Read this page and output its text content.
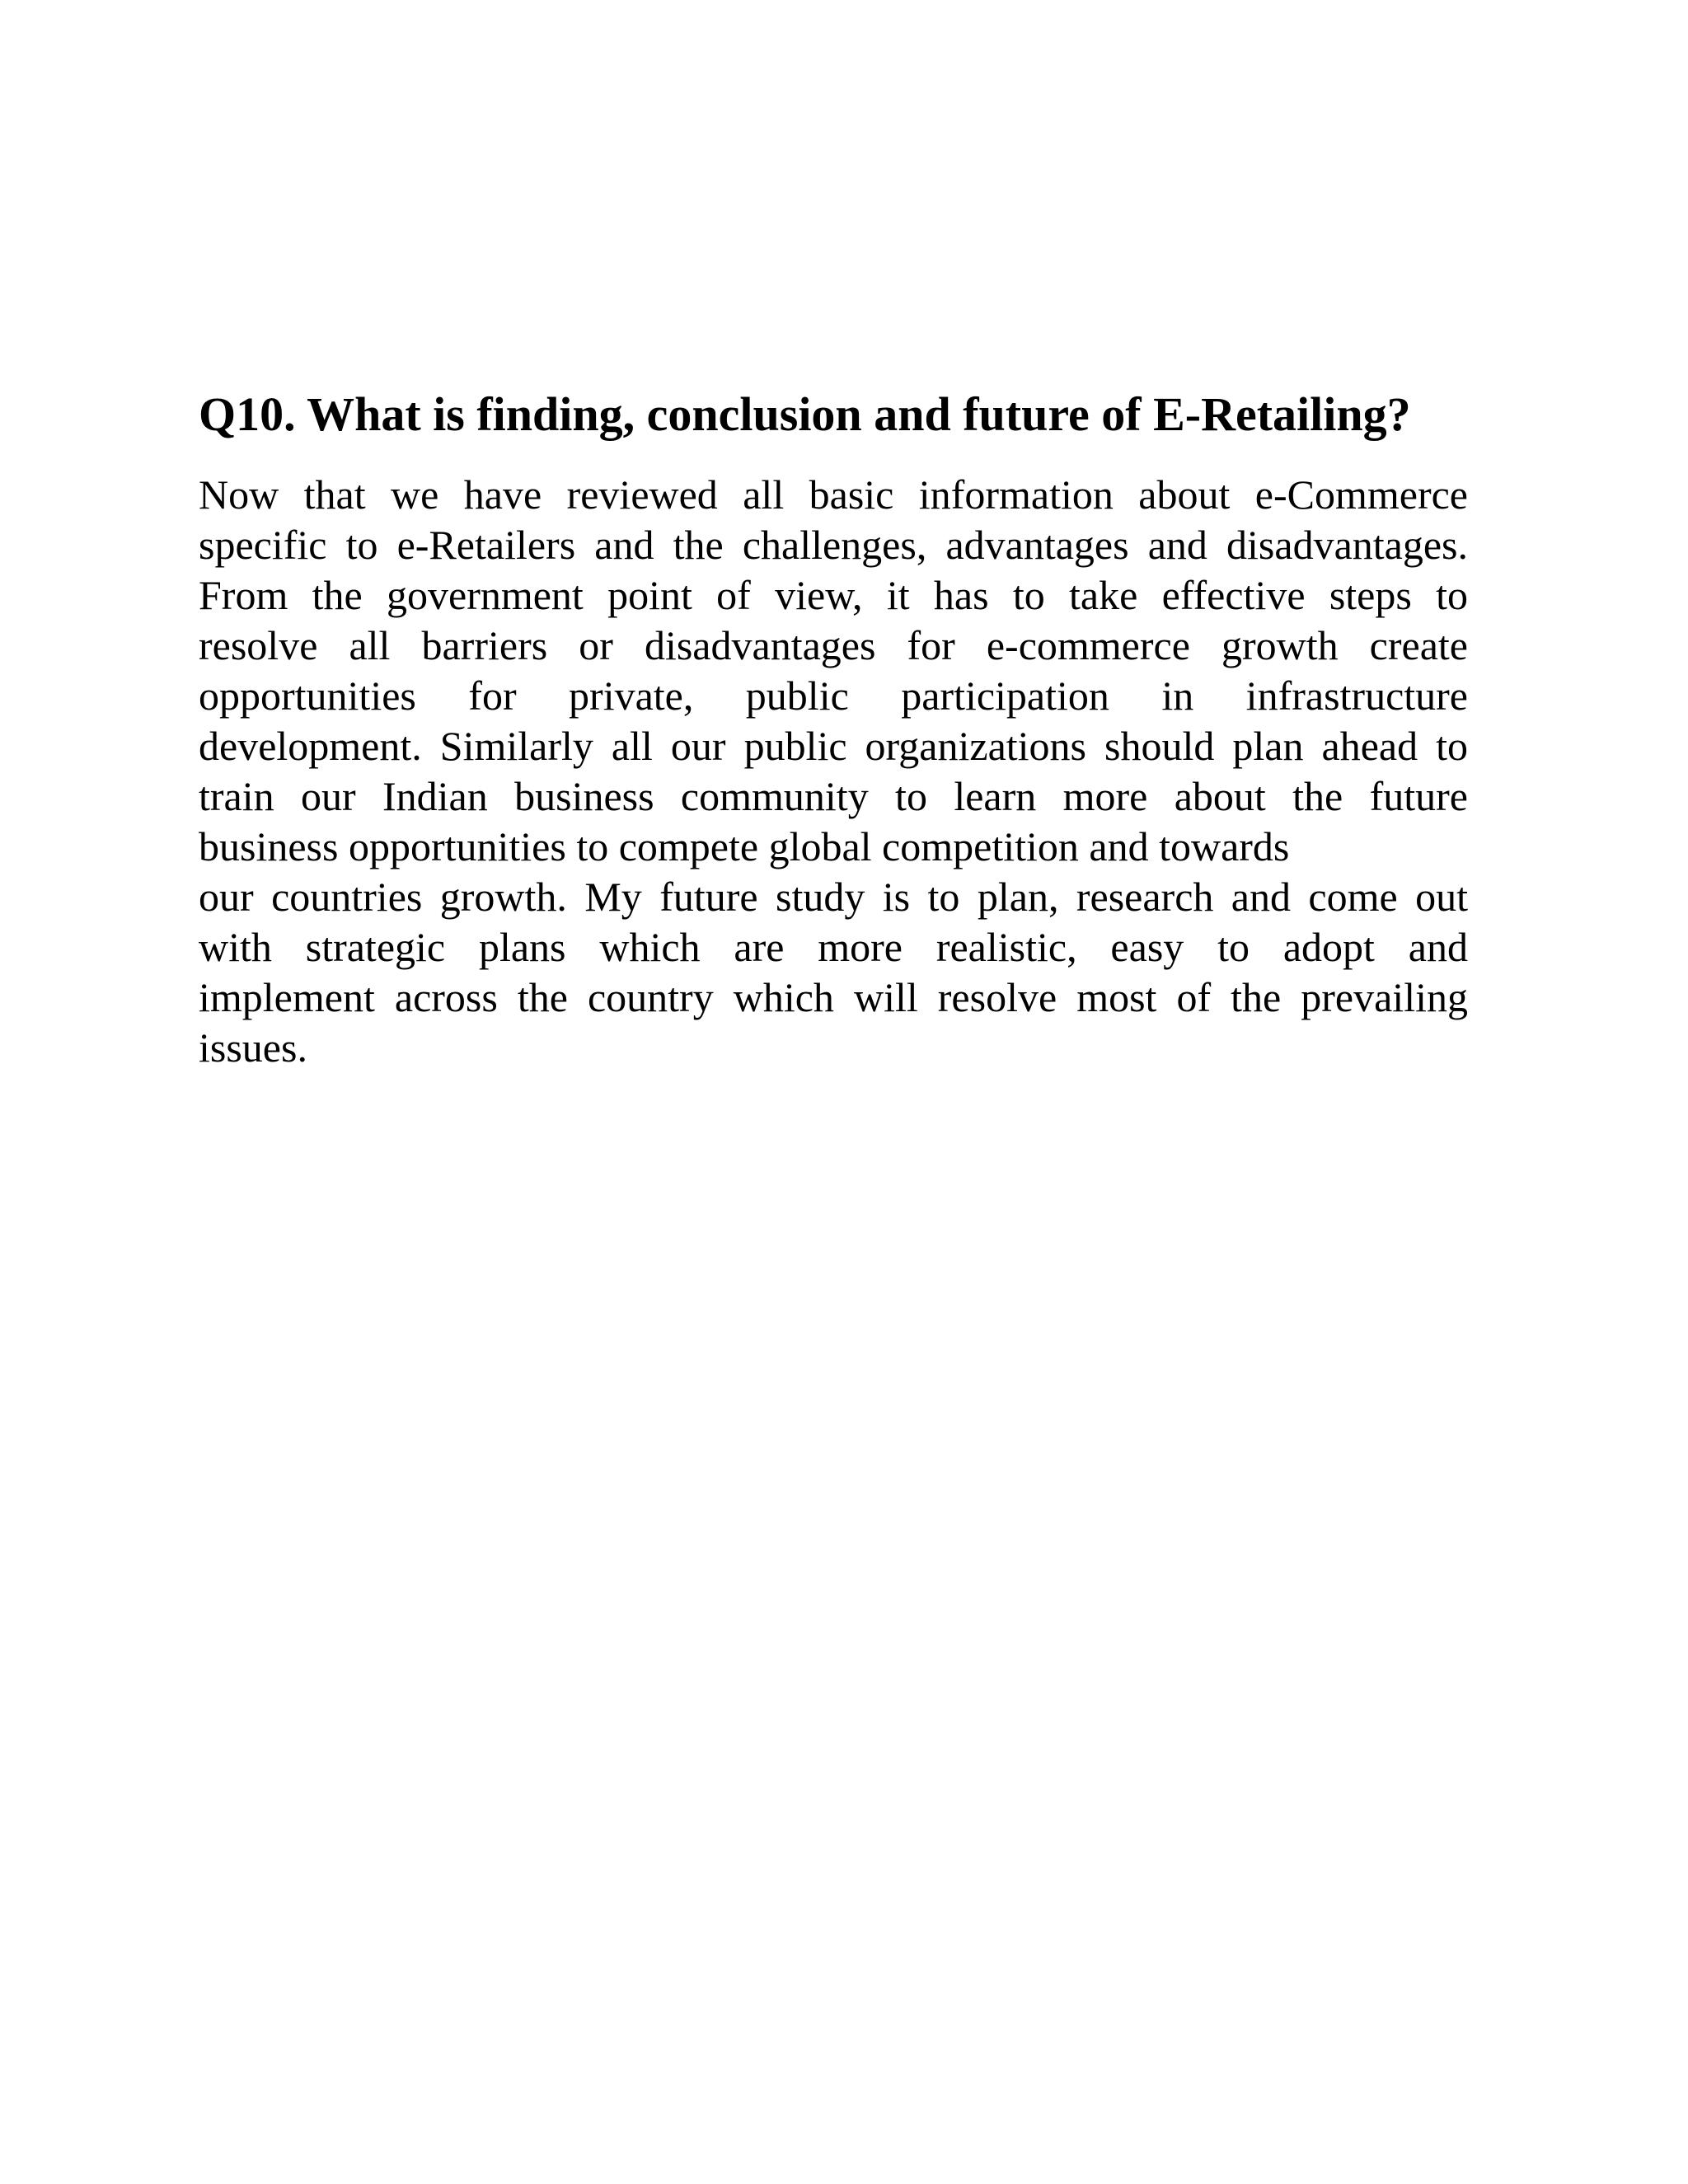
Q10. What is finding, conclusion and future of E-Retailing?
Now that we have reviewed all basic information about e-Commerce
specific to e-Retailers and the challenges, advantages and disadvantages.
From the government point of view, it has to take effective steps to
resolve all barriers or disadvantages for e-commerce growth create
opportunities for private, public participation in infrastructure
development. Similarly all our public organizations should plan ahead to
train our Indian business community to learn more about the future
business opportunities to compete global competition and towards
our countries growth. My future study is to plan, research and come out
with strategic plans which are more realistic, easy to adopt and
implement across the country which will resolve most of the prevailing
issues.
